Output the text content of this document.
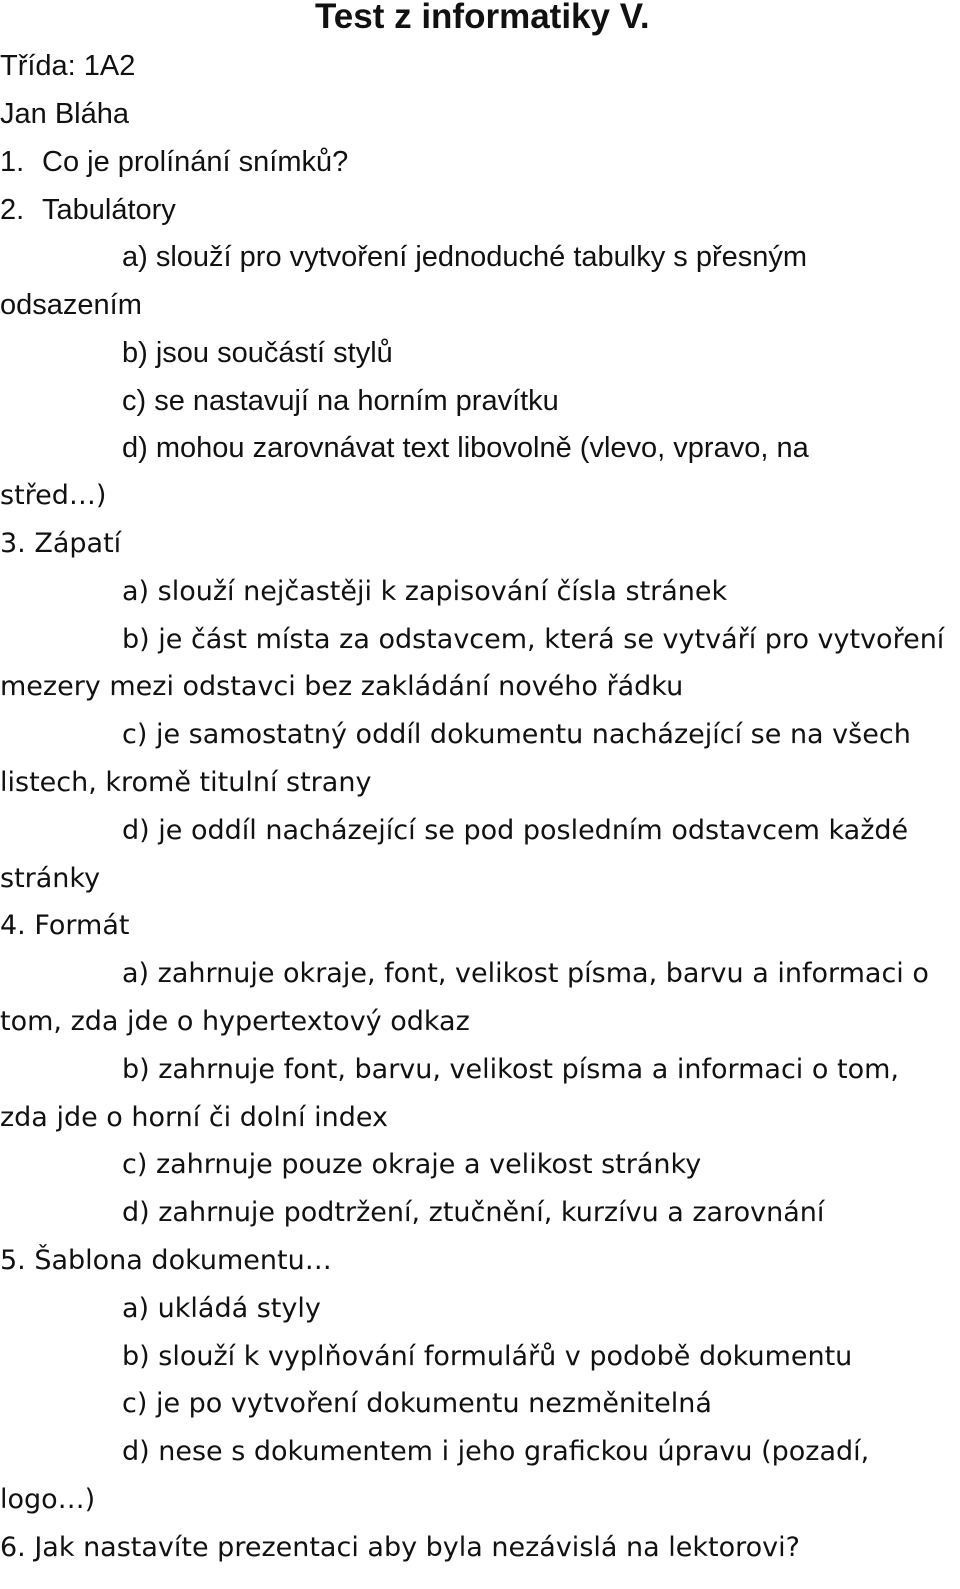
Test z informatiky V.
Třída: 1A2
Jan Bláha
1. Co je prolínání snímků?
2. Tabulátory
a) slouží pro vytvoření jednoduché tabulky s přesným
odsazením
b) jsou součástí stylů
c) se nastavují na horním pravítku
d) mohou zarovnávat text libovolně (vlevo, vpravo, na
střed…)
3. Zápatí
a) slouží nejčastěji k zapisování čísla stránek
b) je část místa za odstavcem, která se vytváří pro vytvoření
mezery mezi odstavci bez zakládání nového řádku
c) je samostatný oddíl dokumentu nacházející se na všech
listech, kromě titulní strany
d) je oddíl nacházející se pod posledním odstavcem každé
stránky
4. Formát
a) zahrnuje okraje, font, velikost písma, barvu a informaci o
tom, zda jde o hypertextový odkaz
b) zahrnuje font, barvu, velikost písma a informaci o tom,
zda jde o horní či dolní index
c) zahrnuje pouze okraje a velikost stránky
d) zahrnuje podtržení, ztučnění, kurzívu a zarovnání
5. Šablona dokumentu…
a) ukládá styly
b) slouží k vyplňování formulářů v podobě dokumentu
c) je po vytvoření dokumentu nezměnitelná
d) nese s dokumentem i jeho grafickou úpravu (pozadí,
logo…)
6. Jak nastavíte prezentaci aby byla nezávislá na lektorovi?
